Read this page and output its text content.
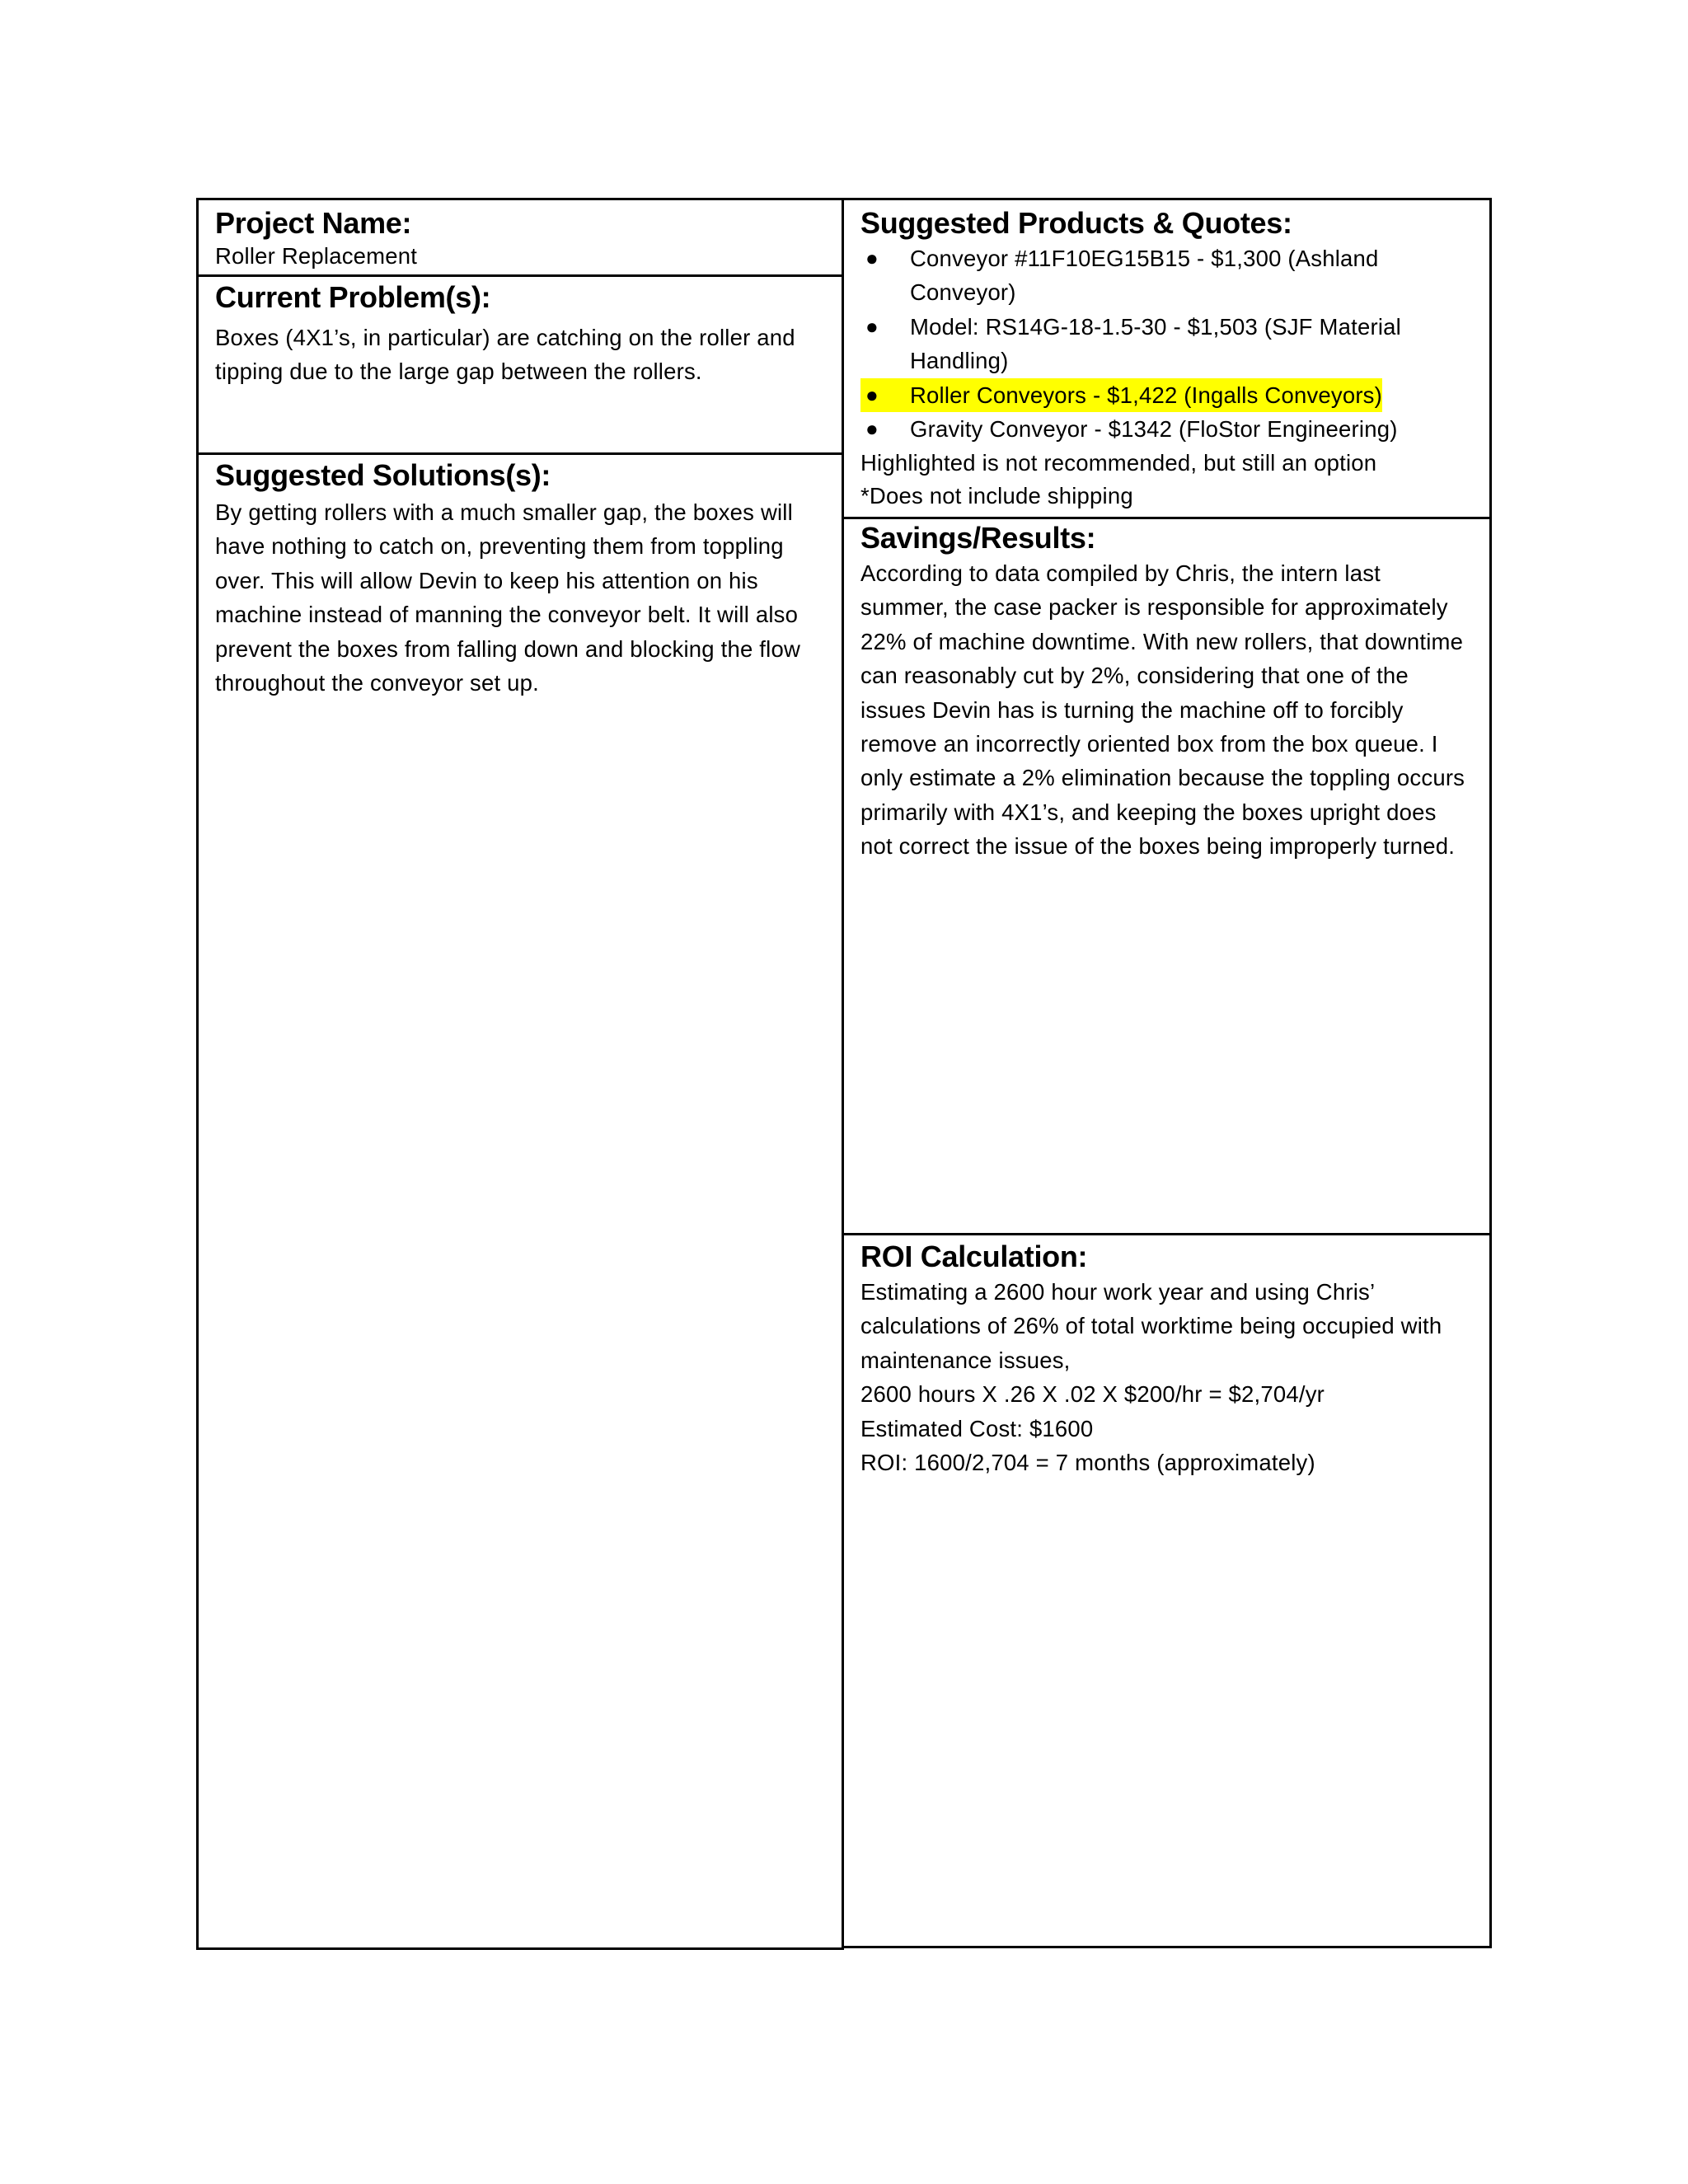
Project Name:

Roller Replacement

Current Problem(s):

Boxes (4X1’s, in particular) are catching on the roller and tipping due to the large gap between the rollers.

Suggested Solutions(s):

By getting rollers with a much smaller gap, the boxes will have nothing to catch on, preventing them from toppling over. This will allow Devin to keep his attention on his machine instead of manning the conveyor belt. It will also prevent the boxes from falling down and blocking the flow throughout the conveyor set up.

Suggested Products & Quotes:
● Conveyor #11F10EG15B15 - $1,300 (Ashland Conveyor)
● Model: RS14G-18-1.5-30 - $1,503 (SJF Material Handling)
● Roller Conveyors - $1,422 (Ingalls Conveyors)
● Gravity Conveyor - $1342 (FloStor Engineering)

Highlighted is not recommended, but still an option

*Does not include shipping

Savings/Results:

According to data compiled by Chris, the intern last summer, the case packer is responsible for approximately 22% of machine downtime. With new rollers, that downtime can reasonably cut by 2%, considering that one of the issues Devin has is turning the machine off to forcibly remove an incorrectly oriented box from the box queue. I only estimate a 2% elimination because the toppling occurs primarily with 4X1’s, and keeping the boxes upright does not correct the issue of the boxes being improperly turned.

ROI Calculation:

Estimating a 2600 hour work year and using Chris’ calculations of 26% of total worktime being occupied with maintenance issues,

2600 hours X .26 X .02 X $200/hr = $2,704/yr

Estimated Cost: $1600

ROI: 1600/2,704 = 7 months (approximately)
